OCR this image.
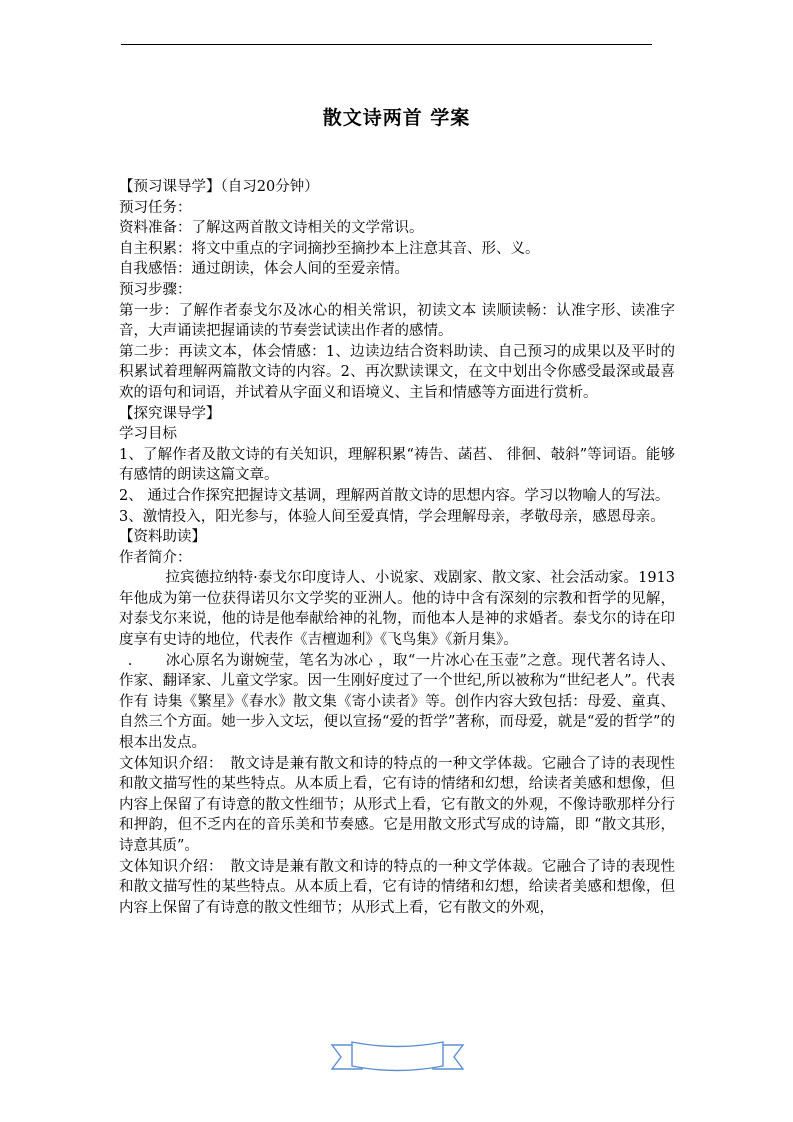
散文诗两首 学案

【预习课导学】（自习20分钟）

预习任务：

资料准备：了解这两首散文诗相关的文学常识。

自主积累：将文中重点的字词摘抄至摘抄本上注意其音、形、义。

自我感悟：通过朗读，体会人间的至爱亲情。

预习步骤：

第一步：了解作者泰戈尔及冰心的相关常识，初读文本 读顺读畅：认准字形、读准字音，大声诵读把握诵读的节奏尝试读出作者的感情。

第二步：再读文本，体会情感：1、边读边结合资料助读、自己预习的成果以及平时的积累试着理解两篇散文诗的内容。2、再次默读课文，在文中划出令你感受最深或最喜欢的语句和词语，并试着从字面义和语境义、主旨和情感等方面进行赏析。

【探究课导学】

学习目标

1、了解作者及散文诗的有关知识，理解积累“祷告、菡萏、 徘徊、攲斜”等词语。能够有感情的朗读这篇文章。

2、 通过合作探究把握诗文基调，理解两首散文诗的思想内容。学习以物喻人的写法。

3、激情投入，阳光参与，体验人间至爱真情，学会理解母亲，孝敬母亲，感恩母亲。

【资料助读】

作者简介：

拉宾德拉纳特·泰戈尔印度诗人、小说家、戏剧家、散文家、社会活动家。1913年他成为第一位获得诺贝尔文学奖的亚洲人。他的诗中含有深刻的宗教和哲学的见解，对泰戈尔来说，他的诗是他奉献给神的礼物，而他本人是神的求婚者。泰戈尔的诗在印度享有史诗的地位，代表作《吉檀迦利》《飞鸟集》《新月集》。

. 冰心原名为谢婉莹，笔名为冰心 ，取“一片冰心在玉壶”之意。现代著名诗人、作家、翻译家、儿童文学家。因一生刚好度过了一个世纪,所以被称为“世纪老人”。代表作有 诗集《繁星》《春水》散文集《寄小读者》等。创作内容大致包括：母爱、童真、自然三个方面。她一步入文坛，便以宣扬“爱的哲学”著称，而母爱，就是“爱的哲学”的根本出发点。

文体知识介绍：　散文诗是兼有散文和诗的特点的一种文学体裁。它融合了诗的表现性和散文描写性的某些特点。从本质上看，它有诗的情绪和幻想，给读者美感和想像，但内容上保留了有诗意的散文性细节；从形式上看，它有散文的外观，不像诗歌那样分行和押韵，但不乏内在的音乐美和节奏感。它是用散文形式写成的诗篇，即 “散文其形，诗意其质”。

文体知识介绍：　散文诗是兼有散文和诗的特点的一种文学体裁。它融合了诗的表现性和散文描写性的某些特点。从本质上看，它有诗的情绪和幻想，给读者美感和想像，但内容上保留了有诗意的散文性细节；从形式上看，它有散文的外观，
